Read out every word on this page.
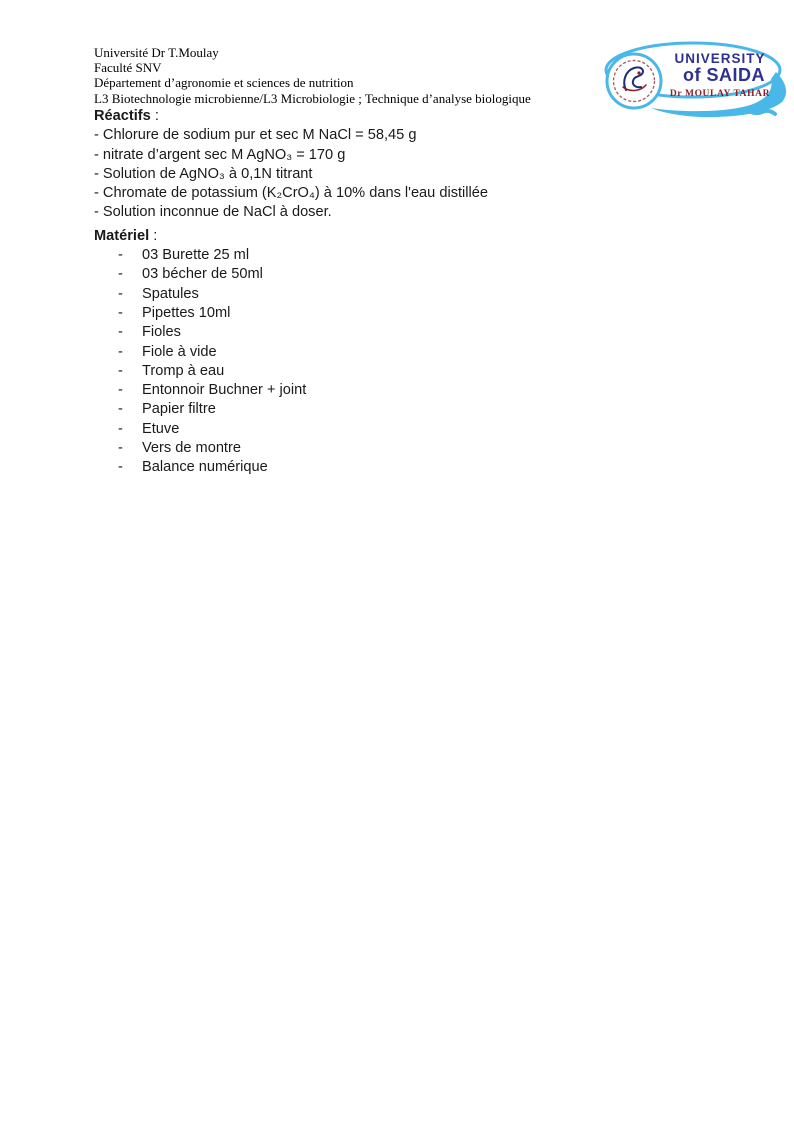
UNIVERSITY
of SAIDA
Dr MOULAY TAHAR
Université Dr T.Moulay
Faculté SNV
Département d’agronomie et sciences de nutrition
L3 Biotechnologie microbienne/L3 Microbiologie ; Technique d’analyse biologique
Réactifs :
- Chlorure de sodium pur et sec M NaCl = 58,45 g
- nitrate d’argent sec M AgNO₃ = 170 g
- Solution de AgNO₃ à 0,1N titrant
- Chromate de potassium (K₂CrO₄) à 10% dans l'eau distillée
- Solution inconnue de NaCl à doser.
Matériel :
-	03 Burette 25 ml
-	03 bécher de 50ml
-	Spatules
-	Pipettes 10ml
-	Fioles
-	Fiole à vide
-	Tromp à eau
-	Entonnoir Buchner + joint
-	Papier filtre
-	Etuve
-	Vers de montre
-	Balance numérique
